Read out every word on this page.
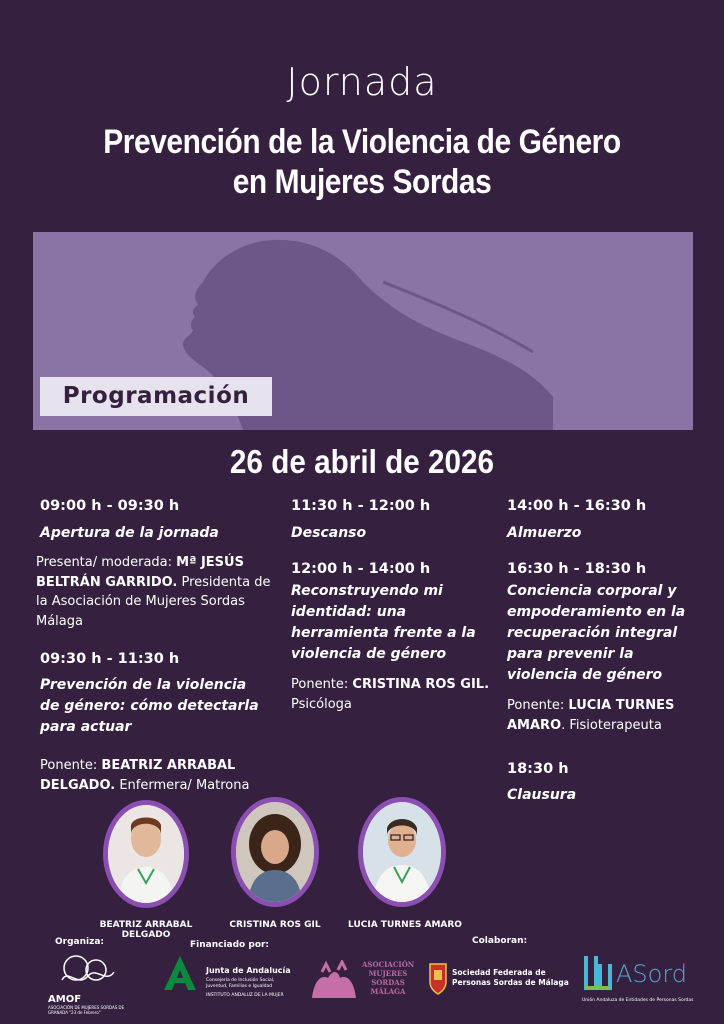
Jornada
Prevención de la Violencia de Género
en Mujeres Sordas
Programación
26 de abril de 2026
09:00 h - 09:30 h
Apertura de la jornada
Presenta/ moderada: Mª JESÚS BELTRÁN GARRIDO. Presidenta de la Asociación de Mujeres Sordas Málaga
09:30 h - 11:30 h
Prevención de la violencia de género: cómo detectarla para actuar
Ponente: BEATRIZ ARRABAL DELGADO. Enfermera/ Matrona
11:30 h - 12:00 h
Descanso
12:00 h - 14:00 h
Reconstruyendo mi identidad: una herramienta frente a la violencia de género
Ponente: CRISTINA ROS GIL.
Psicóloga
14:00 h - 16:30 h
Almuerzo
16:30 h - 18:30 h
Conciencia corporal y empoderamiento en la recuperación integral para prevenir la violencia de género
Ponente: LUCIA TURNES AMARO. Fisioterapeuta
18:30 h
Clausura
BEATRIZ ARRABAL DELGADO
CRISTINA ROS GIL	LUCIA TURNES AMARO
Organiza:	Financiado por:	Colaboran:
AMOF
ASOCIACIÓN DE MUJERES SORDAS DE GRANADA "23 de Febrero"
Junta de Andalucía
Consejería de Inclusión Social,
Juventud, Familias e Igualdad
INSTITUTO ANDALUZ DE LA MUJER
ASOCIACIÓN
MUJERES
SORDAS
MÁLAGA
Sociedad Federada de
Personas Sordas de Málaga ASord
Unión Andaluza de Entidades de Personas Sordas
